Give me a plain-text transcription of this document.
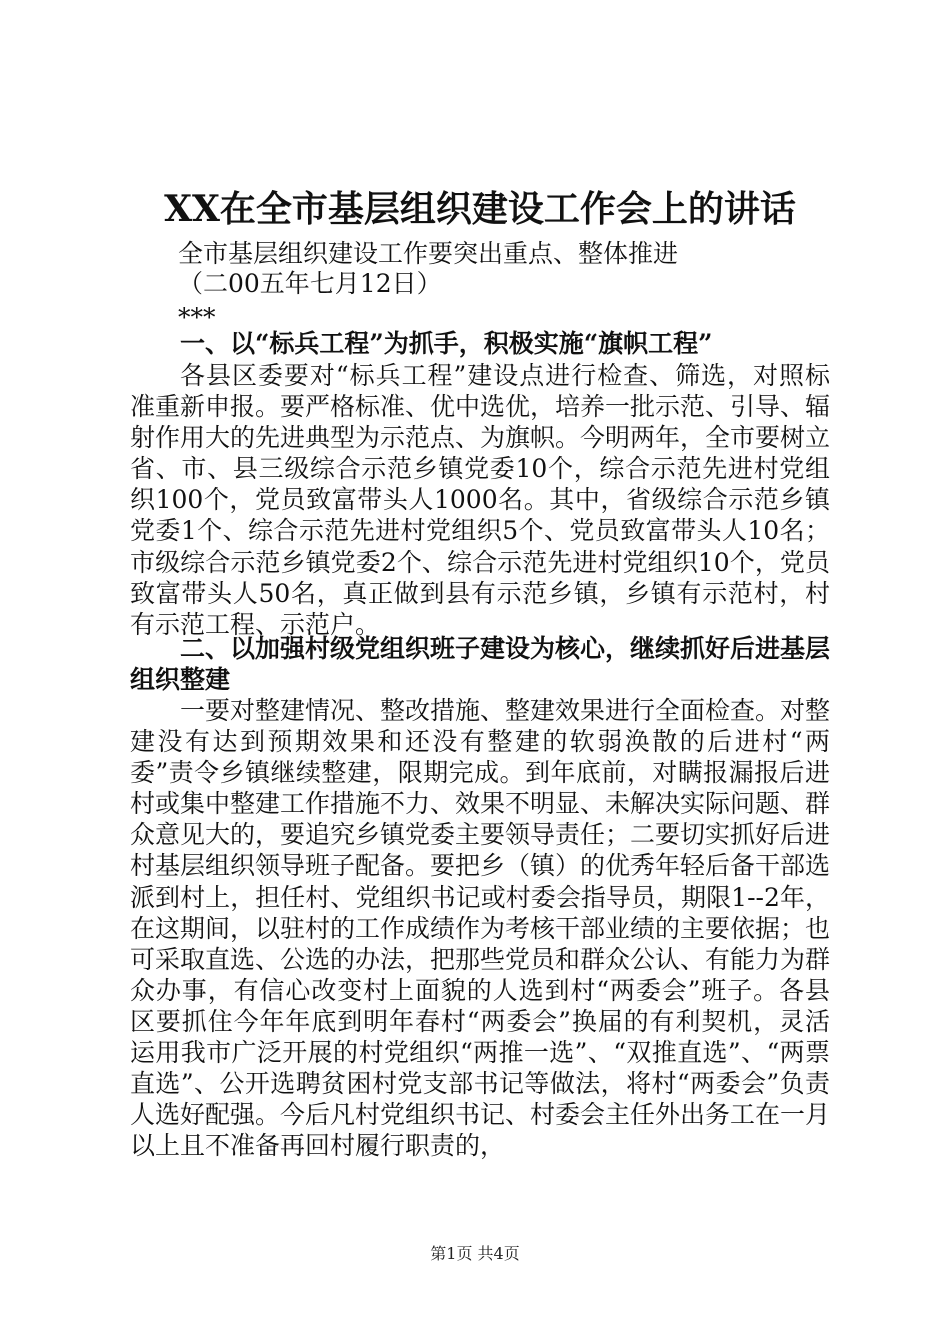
XX在全市基层组织建设工作会上的讲话
全市基层组织建设工作要突出重点、整体推进
（二00五年七月12日）
***

一、以“标兵工程”为抓手，积极实施“旗帜工程”

各县区委要对“标兵工程”建设点进行检查、筛选，对照标准重新申报。要严格标准、优中选优，培养一批示范、引导、辐射作用大的先进典型为示范点、为旗帜。今明两年，全市要树立省、市、县三级综合示范乡镇党委10个，综合示范先进村党组织100个，党员致富带头人1000名。其中，省级综合示范乡镇党委1个、综合示范先进村党组织5个、党员致富带头人10名；市级综合示范乡镇党委2个、综合示范先进村党组织10个，党员致富带头人50名，真正做到县有示范乡镇，乡镇有示范村，村有示范工程、示范户。

二、以加强村级党组织班子建设为核心，继续抓好后进基层组织整建

一要对整建情况、整改措施、整建效果进行全面检查。对整建没有达到预期效果和还没有整建的软弱涣散的后进村“两委”责令乡镇继续整建，限期完成。到年底前，对瞒报漏报后进村或集中整建工作措施不力、效果不明显、未解决实际问题、群众意见大的，要追究乡镇党委主要领导责任；二要切实抓好后进村基层组织领导班子配备。要把乡（镇）的优秀年轻后备干部选派到村上，担任村、党组织书记或村委会指导员，期限1--2年，在这期间，以驻村的工作成绩作为考核干部业绩的主要依据；也可采取直选、公选的办法，把那些党员和群众公认、有能力为群众办事，有信心改变村上面貌的人选到村“两委会”班子。各县区要抓住今年年底到明年春村“两委会”换届的有利契机，灵活运用我市广泛开展的村党组织“两推一选”、“双推直选”、“两票直选”、公开选聘贫困村党支部书记等做法，将村“两委会”负责人选好配强。今后凡村党组织书记、村委会主任外出务工在一月以上且不准备再回村履行职责的，

第1页 共4页
